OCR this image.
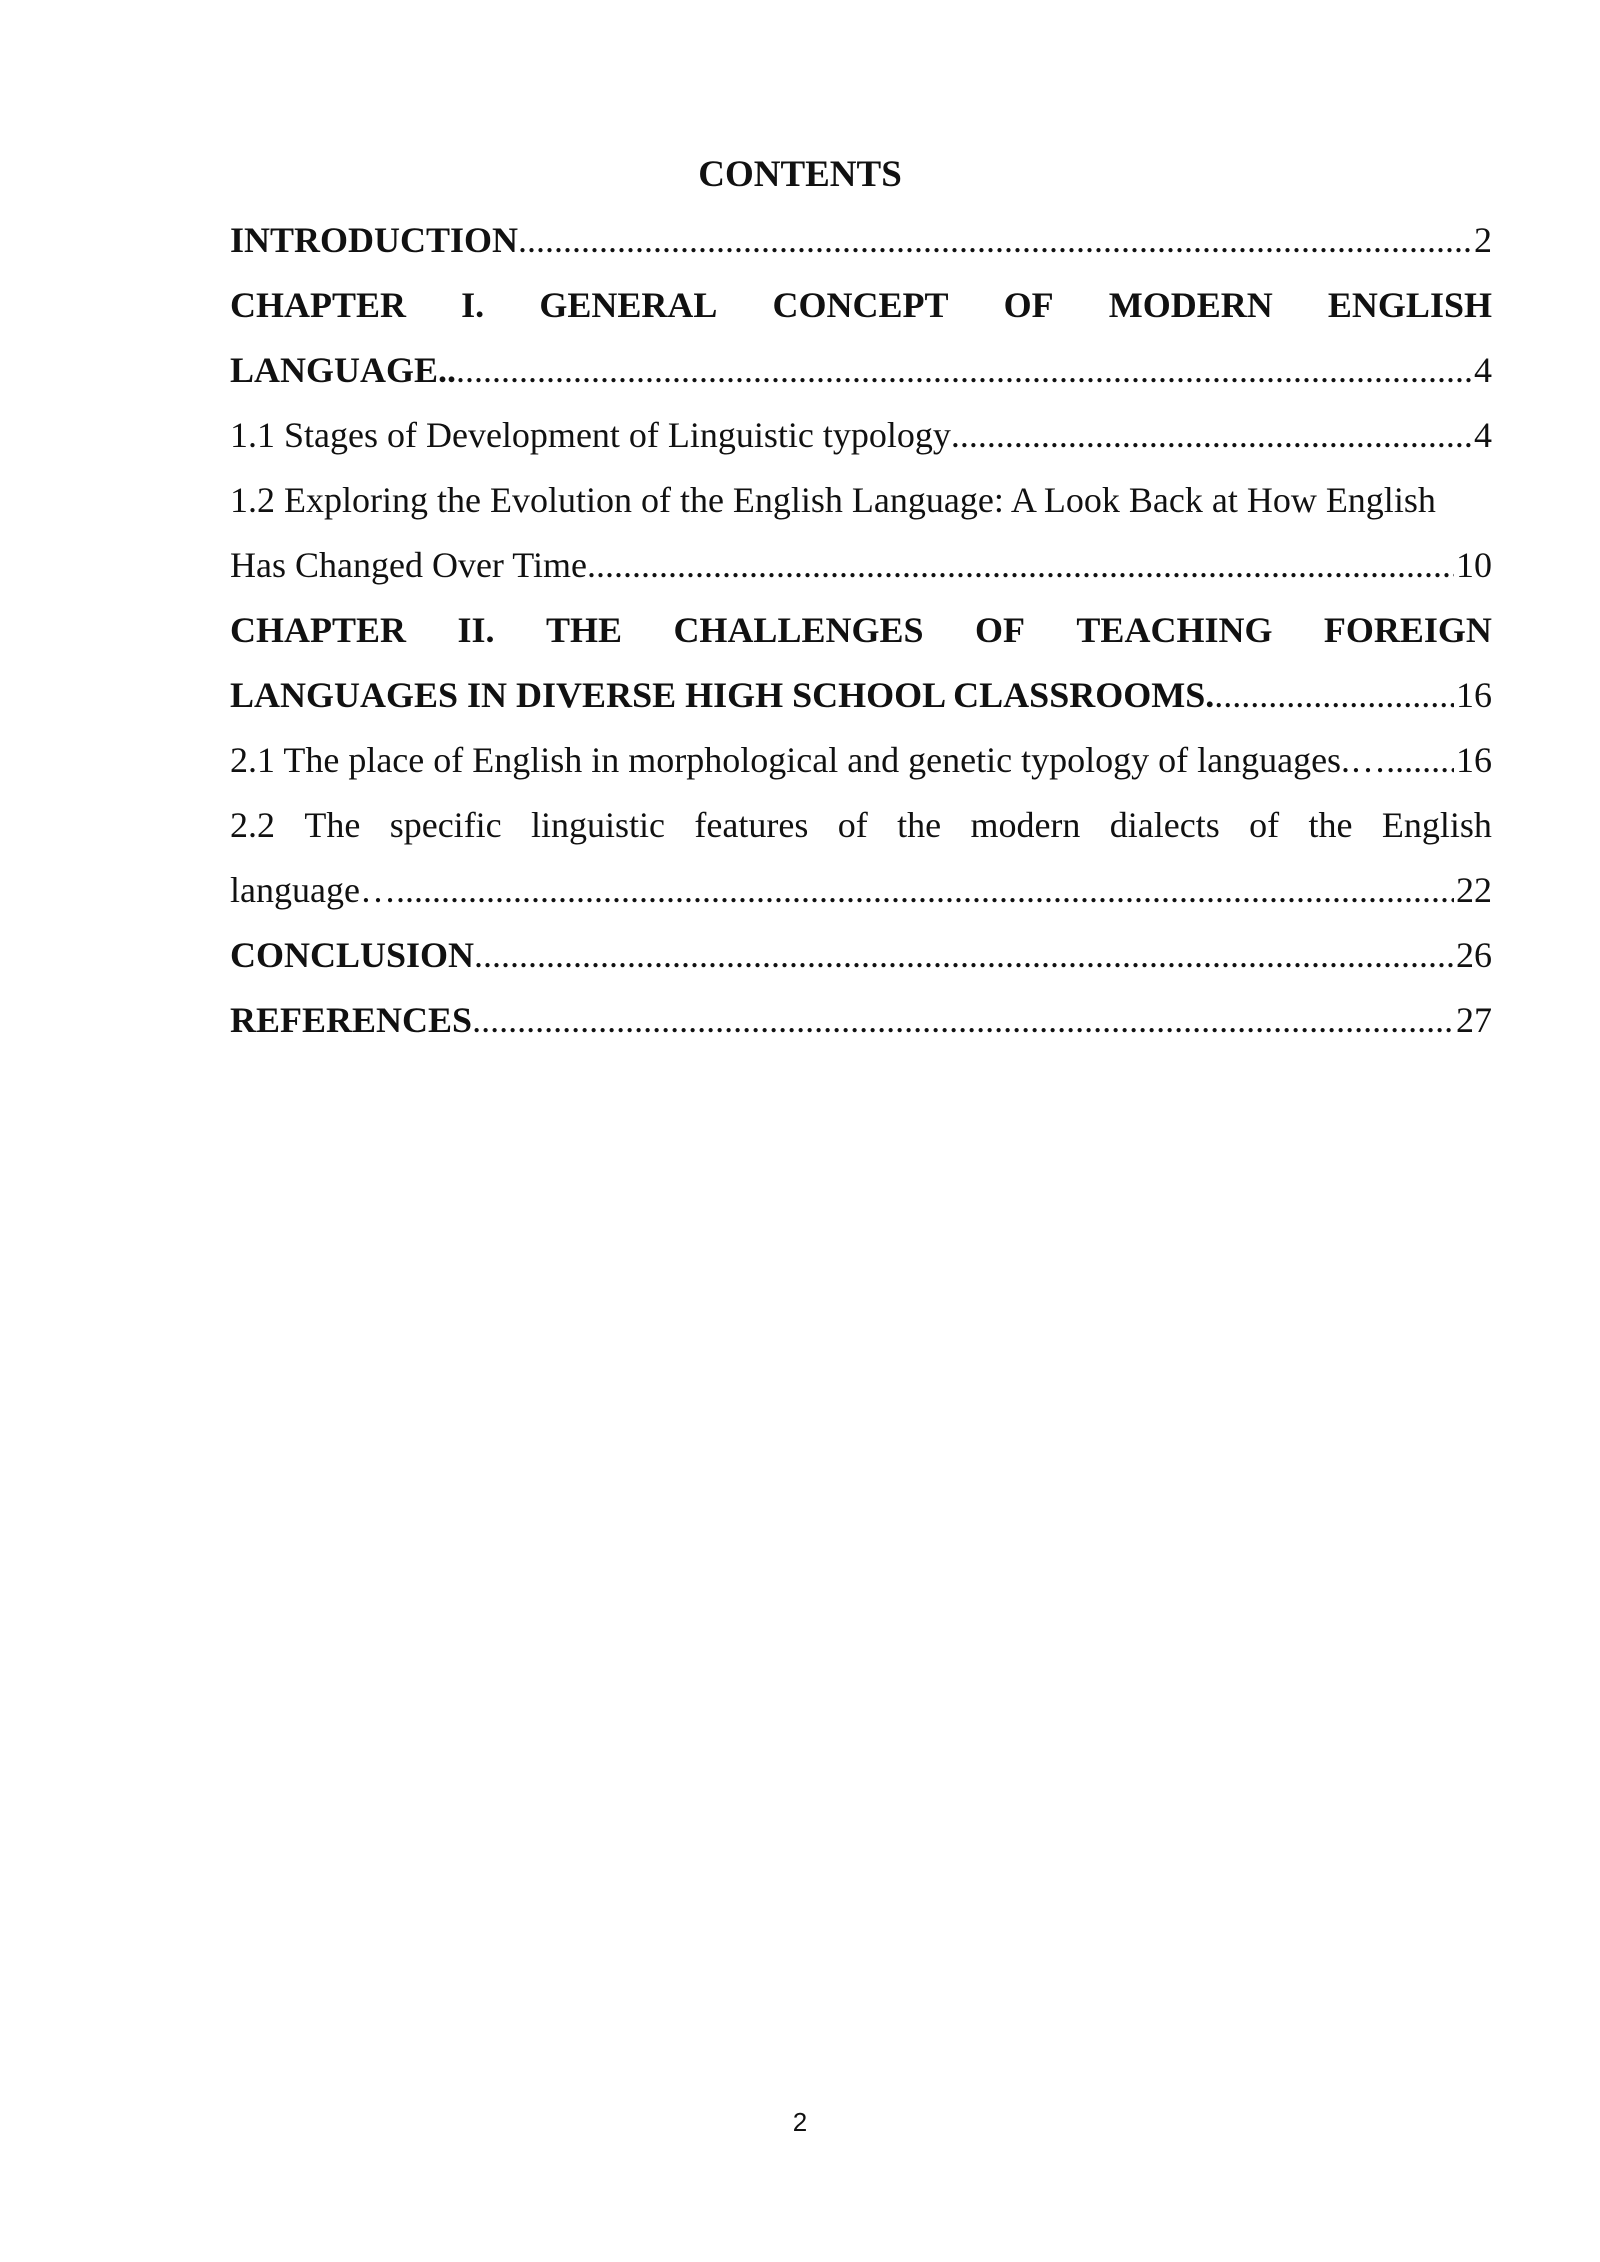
CONTENTS
INTRODUCTION .....	2
CHAPTER I. GENERAL CONCEPT OF MODERN ENGLISH
LANGUAGE.. .....	4
1.1 Stages of Development of Linguistic typology .....	4
1.2 Exploring the Evolution of the English Language: A Look Back at How English
Has Changed Over Time .....	10
CHAPTER II. THE CHALLENGES OF TEACHING FOREIGN
LANGUAGES IN DIVERSE HIGH SCHOOL CLASSROOMS. .....	16
2.1 The place of English in morphological and genetic typology of languages.… ..... 16
2.2 The specific linguistic features of the modern dialects of the English
language… .....	22
CONCLUSION .....	26
REFERENCES .....	27
2
